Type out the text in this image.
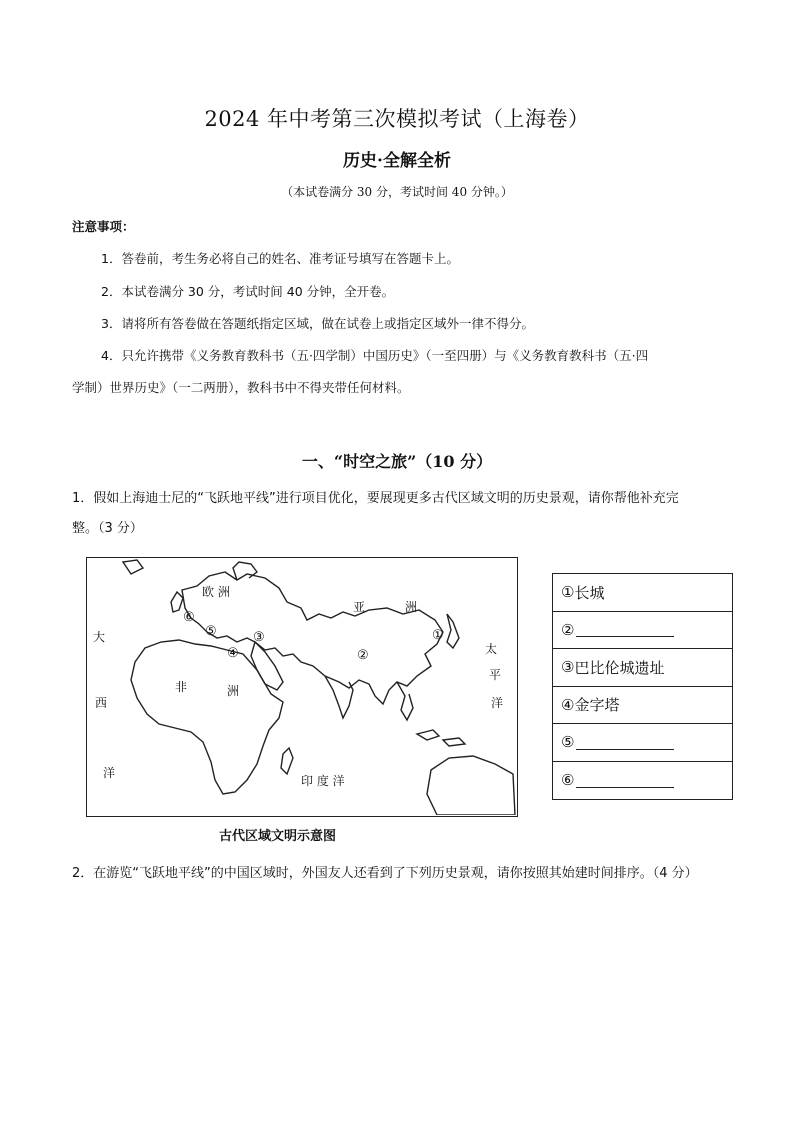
2024 年中考第三次模拟考试（上海卷）
历史·全解全析
（本试卷满分 30 分，考试时间 40 分钟。）
注意事项：
1．答卷前，考生务必将自己的姓名、准考证号填写在答题卡上。
2．本试卷满分 30 分，考试时间 40 分钟，全开卷。
3．请将所有答卷做在答题纸指定区域，做在试卷上或指定区域外一律不得分。
4．只允许携带《义务教育教科书（五·四学制）中国历史》（一至四册）与《义务教育教科书（五·四
学制）世界历史》（一二两册），教科书中不得夹带任何材料。
一、“时空之旅”（10 分）
1．假如上海迪士尼的“飞跃地平线”进行项目优化，要展现更多古代区域文明的历史景观，请你帮他补充完
整。（3 分）
欧 洲
亚	洲
非	洲
大
西
洋
太
平
洋
印 度 洋
①
②
③
④
⑤
⑥
古代区域文明示意图
① 长城
②
③ 巴比伦城遗址
④ 金字塔
⑤
⑥
2．在游览“飞跃地平线”的中国区域时，外国友人还看到了下列历史景观，请你按照其始建时间排序。（4 分）
